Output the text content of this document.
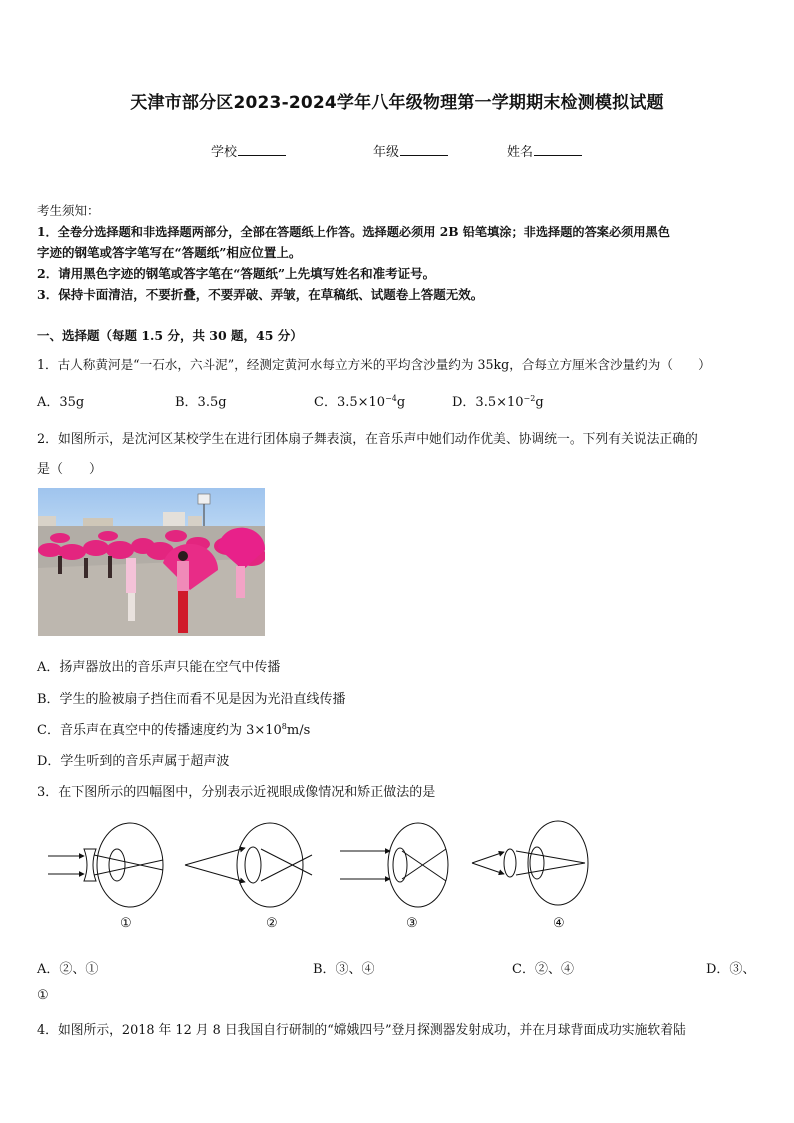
天津市部分区2023-2024学年八年级物理第一学期期末检测模拟试题
学校	年级	姓名
考生须知：
1．全卷分选择题和非选择题两部分，全部在答题纸上作答。选择题必须用 2B 铅笔填涂；非选择题的答案必须用黑色
字迹的钢笔或答字笔写在“答题纸”相应位置上。
2．请用黑色字迹的钢笔或答字笔在“答题纸”上先填写姓名和准考证号。
3．保持卡面清洁，不要折叠，不要弄破、弄皱，在草稿纸、试题卷上答题无效。
一、选择题（每题 1.5 分，共 30 题，45 分）
1．古人称黄河是“一石水，六斗泥”，经测定黄河水每立方米的平均含沙量约为 35kg，合每立方厘米含沙量约为（　　）
A．35g	B．3.5g	C．$3.5\times 10^{-4}g$	D．$3.5\times 10^{-2}g$
2．如图所示，是沈河区某校学生在进行团体扇子舞表演，在音乐声中她们动作优美、协调统一。下列有关说法正确的
是（　　）
A．扬声器放出的音乐声只能在空气中传播
B．学生的脸被扇子挡住而看不见是因为光沿直线传播
C．音乐声在真空中的传播速度约为 $3\times 10^8m/s$
D．学生听到的音乐声属于超声波
3．在下图所示的四幅图中，分别表示近视眼成像情况和矫正做法的是
①	②	③	④
A．②、①	B．③、④	C．②、④	D．③、
①
4．如图所示，2018 年 12 月 8 日我国自行研制的“嫦娥四号”登月探测器发射成功，并在月球背面成功实施软着陆
